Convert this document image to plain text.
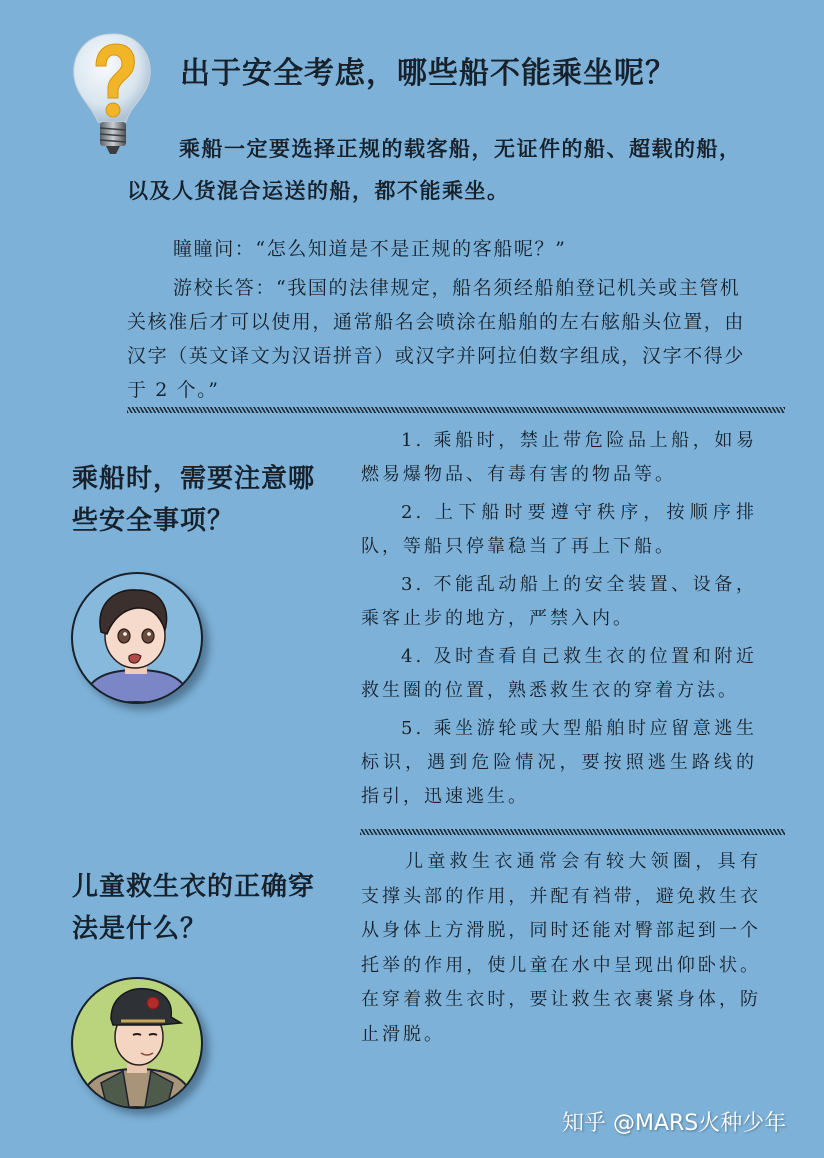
出于安全考虑，哪些船不能乘坐呢？

乘船一定要选择正规的载客船，无证件的船、超载的船，以及人货混合运送的船，都不能乘坐。

瞳瞳问：“怎么知道是不是正规的客船呢？”

游校长答：“我国的法律规定，船名须经船舶登记机关或主管机关核准后才可以使用，通常船名会喷涂在船舶的左右舷船头位置，由汉字（英文译文为汉语拼音）或汉字并阿拉伯数字组成，汉字不得少于 2 个。”

乘船时，需要注意哪些安全事项？

1. 乘船时，禁止带危险品上船，如易燃易爆物品、有毒有害的物品等。

2. 上下船时要遵守秩序，按顺序排队，等船只停靠稳当了再上下船。

3. 不能乱动船上的安全装置、设备，乘客止步的地方，严禁入内。

4. 及时查看自己救生衣的位置和附近救生圈的位置，熟悉救生衣的穿着方法。

5. 乘坐游轮或大型船舶时应留意逃生标识，遇到危险情况，要按照逃生路线的指引，迅速逃生。

儿童救生衣的正确穿法是什么？

儿童救生衣通常会有较大领圈，具有支撑头部的作用，并配有裆带，避免救生衣从身体上方滑脱，同时还能对臀部起到一个托举的作用，使儿童在水中呈现出仰卧状。在穿着救生衣时，要让救生衣裹紧身体，防止滑脱。

知乎 @MARS火种少年
